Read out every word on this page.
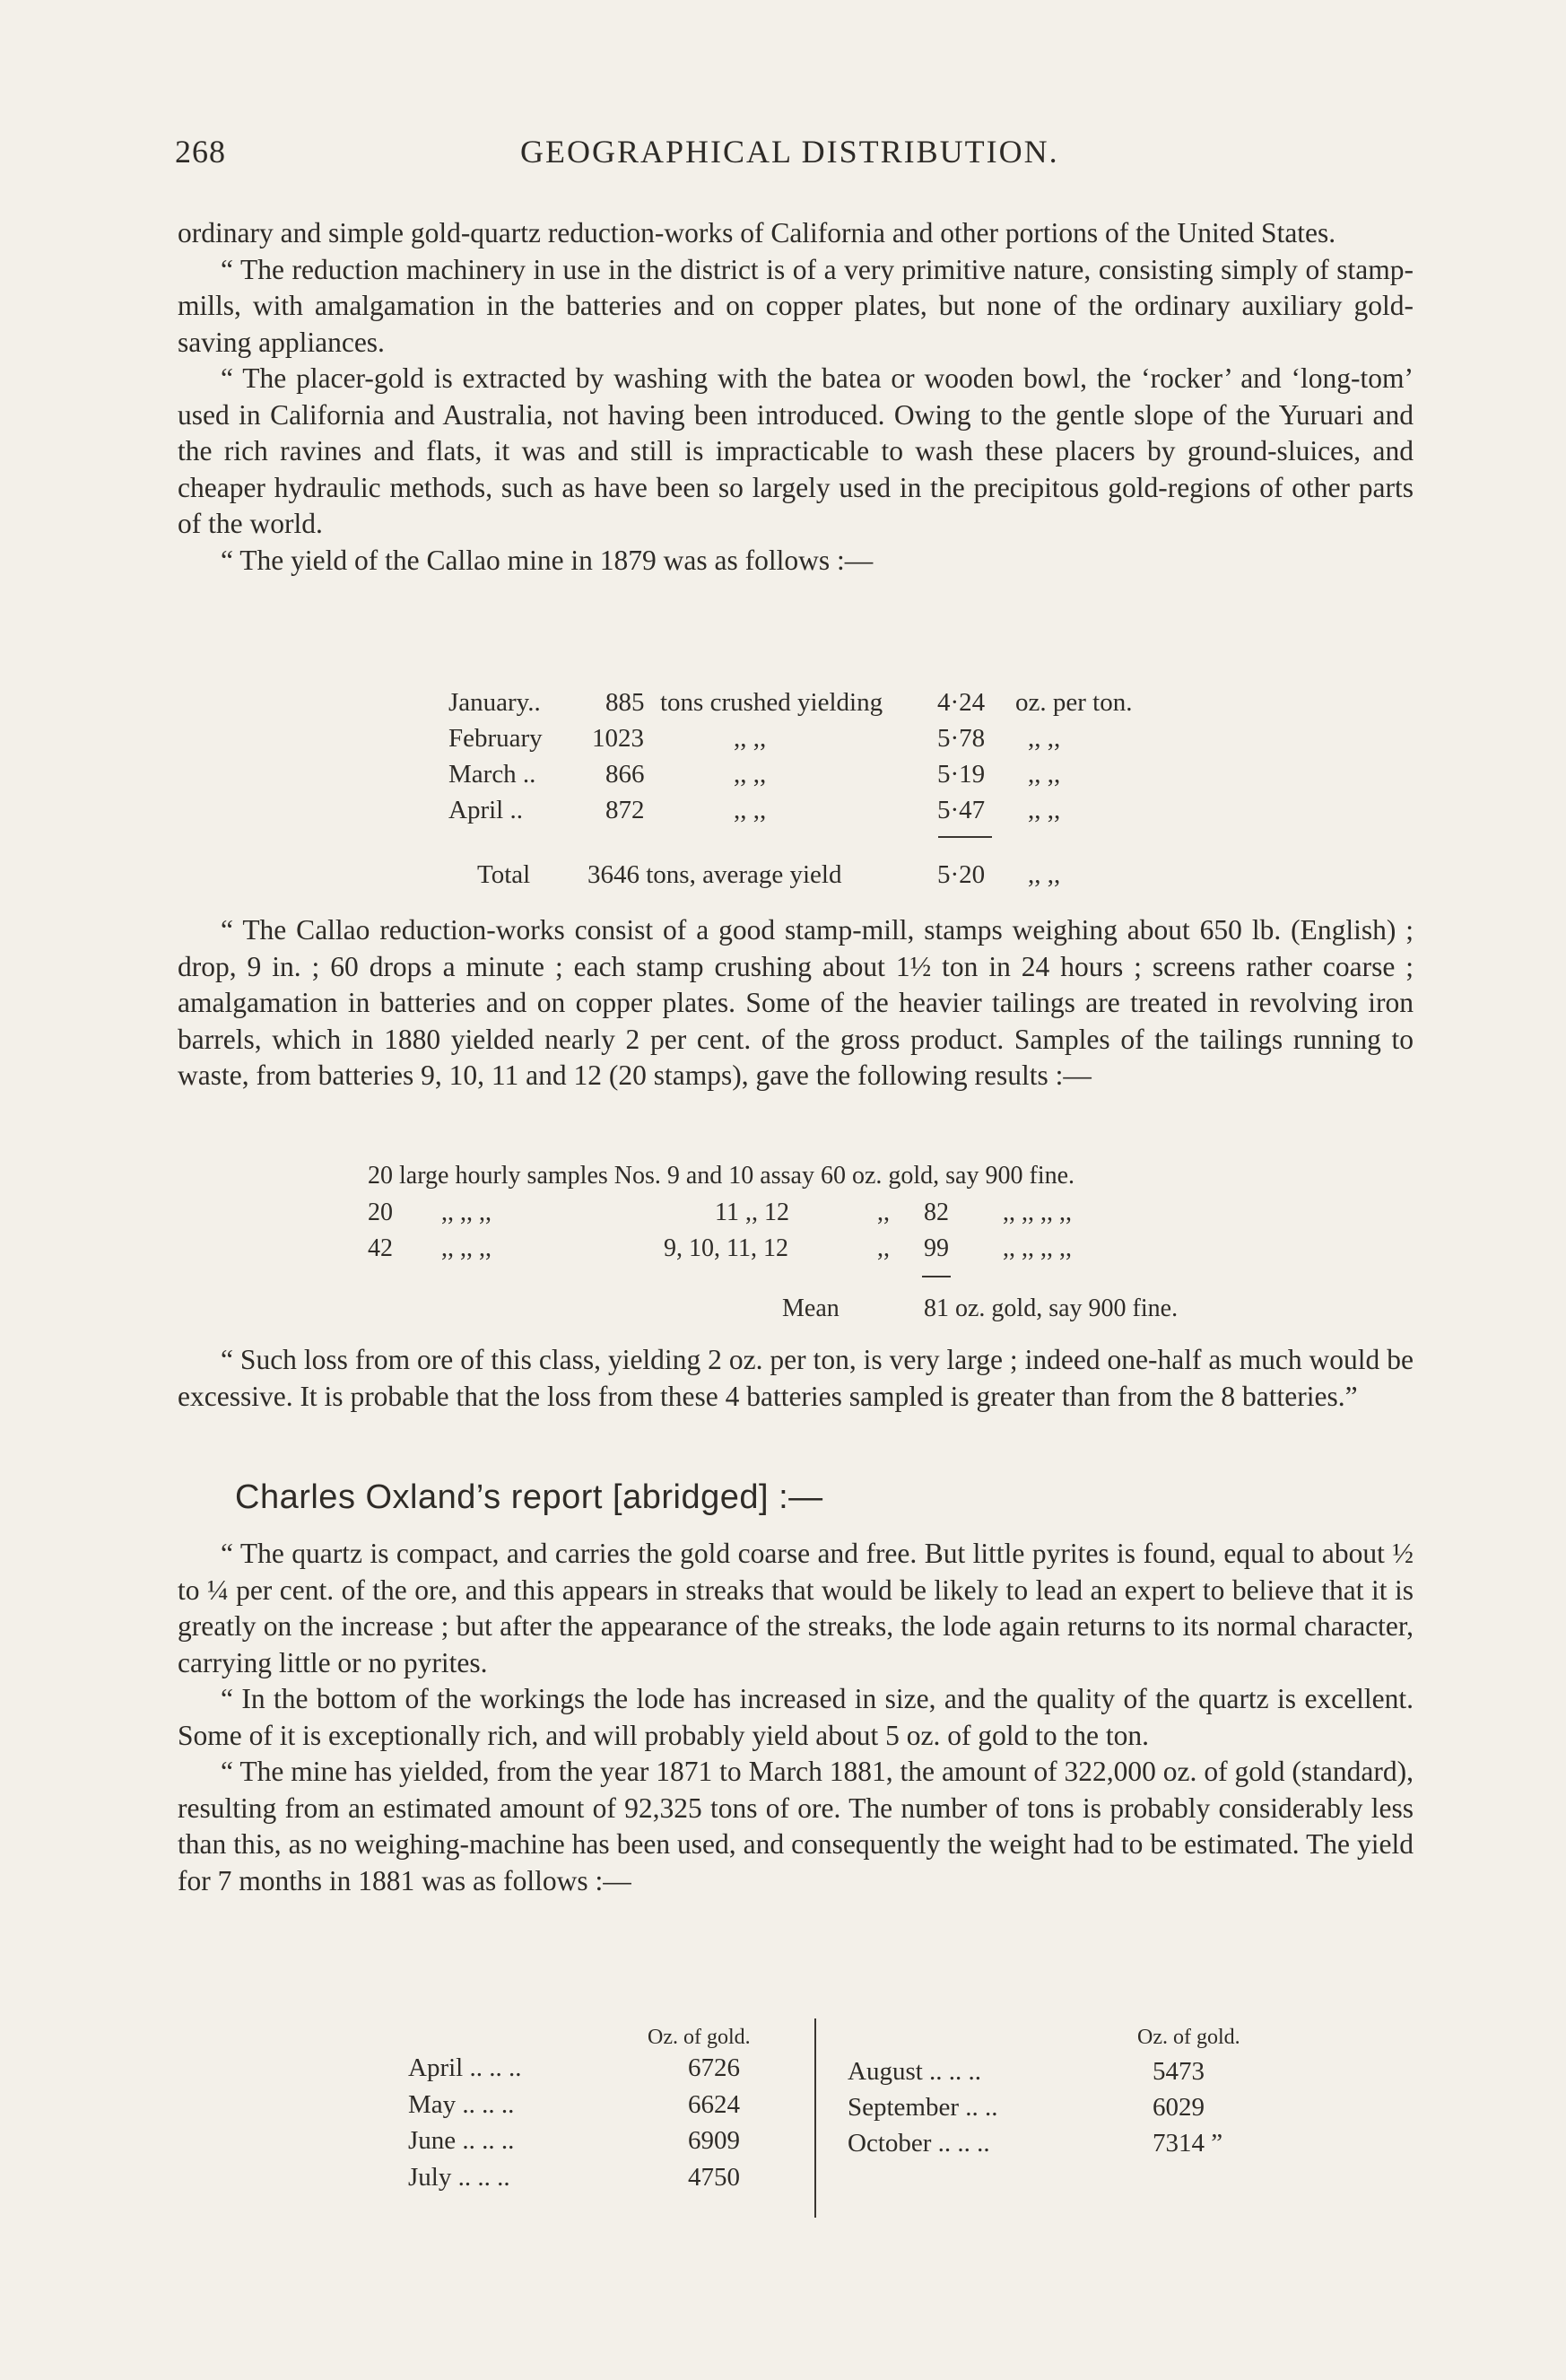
268	GEOGRAPHICAL DISTRIBUTION.

ordinary and simple gold-quartz reduction-works of California and other portions of the United States.

“ The reduction machinery in use in the district is of a very primitive nature, consisting simply of stamp-mills, with amalgamation in the batteries and on copper plates, but none of the ordinary auxiliary gold-saving appliances.

“ The placer-gold is extracted by washing with the batea or wooden bowl, the ‘rocker’ and ‘long-tom’ used in California and Australia, not having been introduced. Owing to the gentle slope of the Yuruari and the rich ravines and flats, it was and still is impracticable to wash these placers by ground-sluices, and cheaper hydraulic methods, such as have been so largely used in the precipitous gold-regions of other parts of the world.

“ The yield of the Callao mine in 1879 was as follows :—

January.. 885 tons crushed yielding 4·24 oz. per ton.
February 1023	,, ,,	5·78 ,, ,,
March ..	866	,, ,,	5·19 ,, ,,
April ..	872	,, ,,	5·47 ,, ,,
Total 3646 tons, average yield	5·20 ,, ,,

“ The Callao reduction-works consist of a good stamp-mill, stamps weighing about 650 lb. (English) ; drop, 9 in. ; 60 drops a minute ; each stamp crushing about 1½ ton in 24 hours ; screens rather coarse ; amalgamation in batteries and on copper plates. Some of the heavier tailings are treated in revolving iron barrels, which in 1880 yielded nearly 2 per cent. of the gross product. Samples of the tailings running to waste, from batteries 9, 10, 11 and 12 (20 stamps), gave the following results :—

20 large hourly samples Nos. 9 and 10 assay 60 oz. gold, say 900 fine.
20 ,, ,, ,,	11 ,, 12	,, 82 ,, ,, ,, ,,
42 ,, ,, ,,	9, 10, 11, 12	,, 99 ,, ,, ,, ,,
Mean	81 oz. gold, say 900 fine.

“ Such loss from ore of this class, yielding 2 oz. per ton, is very large ; indeed one-half as much would be excessive. It is probable that the loss from these 4 batteries sampled is greater than from the 8 batteries.”

Charles Oxland’s report [abridged] :—

“ The quartz is compact, and carries the gold coarse and free. But little pyrites is found, equal to about ½ to ¼ per cent. of the ore, and this appears in streaks that would be likely to lead an expert to believe that it is greatly on the increase ; but after the appearance of the streaks, the lode again returns to its normal character, carrying little or no pyrites.

“ In the bottom of the workings the lode has increased in size, and the quality of the quartz is excellent. Some of it is exceptionally rich, and will probably yield about 5 oz. of gold to the ton.

“ The mine has yielded, from the year 1871 to March 1881, the amount of 322,000 oz. of gold (standard), resulting from an estimated amount of 92,325 tons of ore. The number of tons is probably considerably less than this, as no weighing-machine has been used, and consequently the weight had to be estimated. The yield for 7 months in 1881 was as follows :—

Oz. of gold.	Oz. of gold.
April .. .. ..	6726
May .. .. ..	6624
June .. .. ..	6909
July .. .. ..	4750
August .. .. ..	5473
September .. ..	6029
October .. .. ..	7314 ”
